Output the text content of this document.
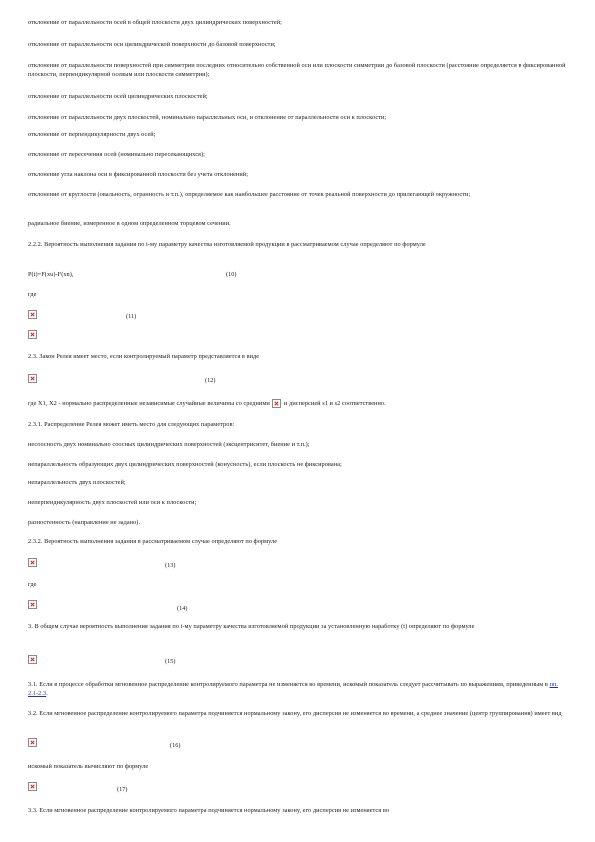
отклонение от параллельности осей в общей плоскости двух цилиндрических поверхностей;
отклонение от параллельности оси цилиндрической поверхности до базовой поверхности;
отклонение от параллельности поверхностей при симметрии последних относительно собственной оси или плоскости симметрии до базовой плоскости (расстояние определяется в фиксированной плоскости, перпендикулярной осевым или плоскости симметрии);
отклонение от параллельности осей цилиндрических плоскостей;
отклонение от параллельности двух плоскостей, номинально параллельных оси, и отклонение от параллельности оси к плоскости;
отклонение от перпендикулярности двух осей;
отклонение от пересечения осей (номинально пересекающихся);
отклонение угла наклона оси в фиксированной плоскости без учета отклонений;
отклонение от круглости (овальность, огранность и т.п.), определяемое как наибольшее расстояние от точек реальной поверхности до прилегающей окружности;
радиальное биение, измеренное в одном определенном торцевом сечении.
2.2.2. Вероятность выполнения задания по i-му параметру качества изготовляемой продукции в рассматриваемом случае определяют по формуле
P(t)=F(xu)-F(xn),	(10)
где
(11)
2.3. Закон Релея имеет место, если контролируемый параметр представляется в виде
(12)
где X1, X2 - нормально распределенные независимые случайные величины со средними и дисперсией s1 и s2 соответственно.
2.3.1. Распределение Релея может иметь место для следующих параметров:
несоосность двух номинально соосных цилиндрических поверхностей (эксцентриситет, биение и т.п.);
непараллельность образующих двух цилиндрических поверхностей (конусность), если плоскость не фиксирована;
непараллельность двух плоскостей;
неперпендикулярность двух плоскостей или оси к плоскости;
разностенность (направление не задано).
2.3.2. Вероятность выполнения задания в рассматриваемом случае определяют по формуле
(13)
где
(14)
3. В общем случае вероятность выполнения задания по i-му параметру качества изготовляемой продукции за установленную наработку (t) определяют по формуле
(15)
3.1. Если в процессе обработки мгновенное распределение контролируемого параметра не изменяется во времени, искомый показатель следует рассчитывать по выражениям, приведенным в пп. 2.1-2.3.
3.2. Если мгновенное распределение контролируемого параметра подчиняется нормальному закону, его дисперсия не изменяется во времени, а среднее значение (центр группирования) имеет вид
(16)
искомый показатель вычисляют по формуле
(17)
3.3. Если мгновенное распределение контролируемого параметра подчиняется нормальному закону, его дисперсия не изменяется во
